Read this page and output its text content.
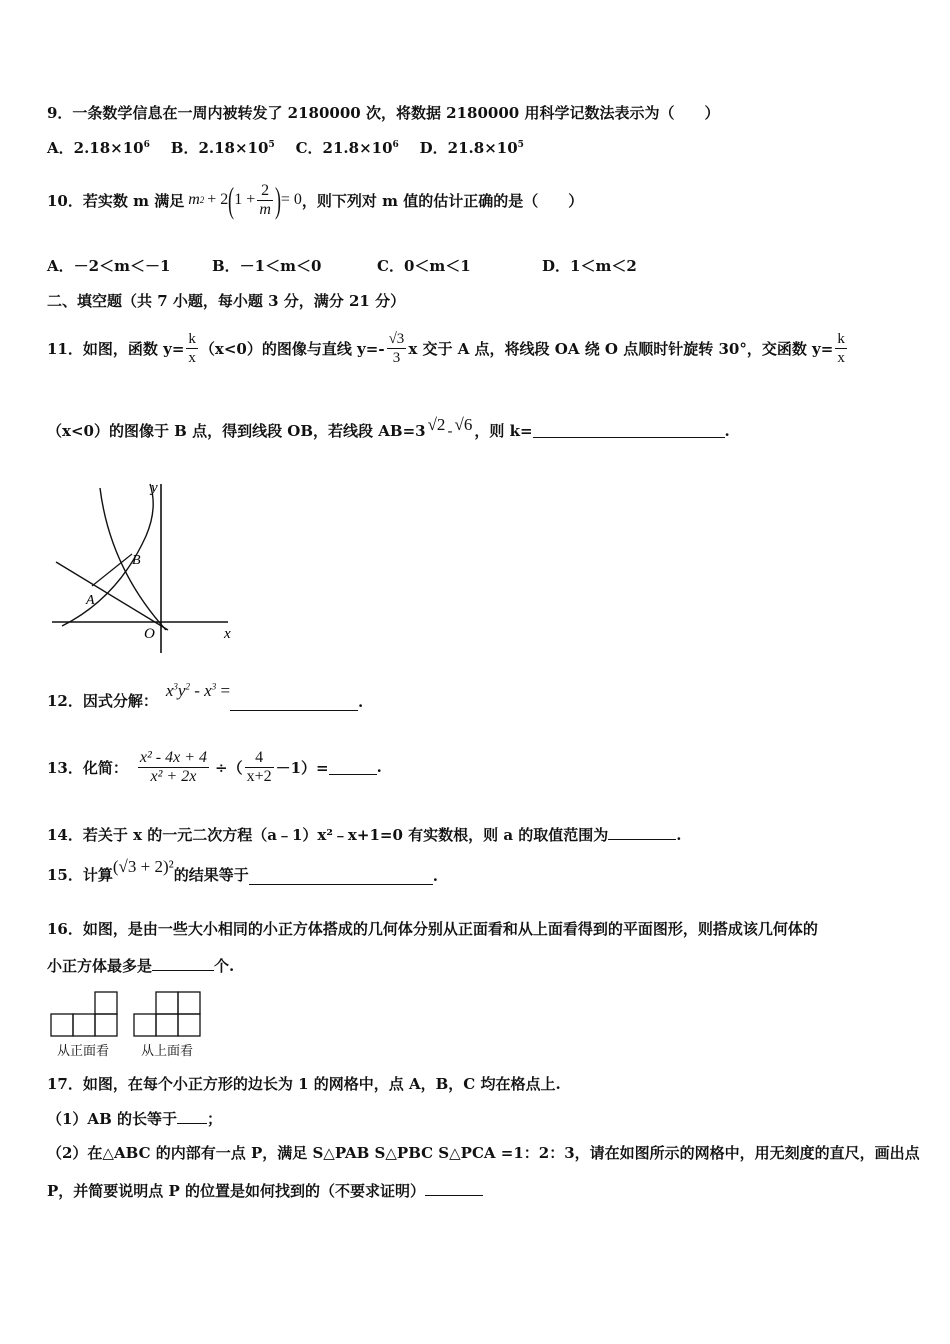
9．一条数学信息在一周内被转发了 2180000 次，将数据 2180000 用科学记数法表示为（　　）
A．$2.18\times 10^6$ B．$2.18\times 10^5$ C．$21.8\times 10^6$ D．$21.8\times 10^5$
10．若实数 m 满足 m 2 + 2 ( $1 + \frac{2}{m}$ ) = 0 ，则下列对 m 值的估计正确的是（　　）
A．－2＜m＜－1	B．－1＜m＜0	C．0＜m＜1	D．1＜m＜2
二、填空题（共 7 小题，每小题 3 分，满分 21 分）
11．如图，函数 $y= \frac{k}{x} (x<0)$的图像与直线 $y=- \frac{√3}{3}$ x 交于 A 点，将线段 OA 绕 O 点顺时针旋转 30°，交函数 $y= \frac{k}{x}$
（x<0）的图像于 B 点，得到线段 OB，若线段 AB=3 √2 - √6 ，则 k=	.
y
x
O
A
B
12．因式分解：
$x^3y^2 - x^3$ =
.
13．化简： $\frac{\text{x² - 4x + 4}}{\text{x² + 2x}}$ ÷（ $\frac{4}{x+2} -1)=$	.
14．若关于 x 的一元二次方程（a﹣1）x²﹣x+1=0 有实数根，则 a 的取值范围为	.
15．计算 (√3 + 2)² 的结果等于	.
16．如图，是由一些大小相同的小正方体搭成的几何体分别从正面看和从上面看得到的平面图形，则搭成该几何体的
小正方体最多是	个.
从正面看 从上面看
17．如图，在每个小正方形的边长为 1 的网格中，点 A，B，C 均在格点上.
（1）AB 的长等于 ；
（2）在△ABC 的内部有一点 P，满足 S△PAB S△PBC S△PCA =1：2：3，请在如图所示的网格中，用无刻度的直尺，画出点
P，并简要说明点 P 的位置是如何找到的（不要求证明）
